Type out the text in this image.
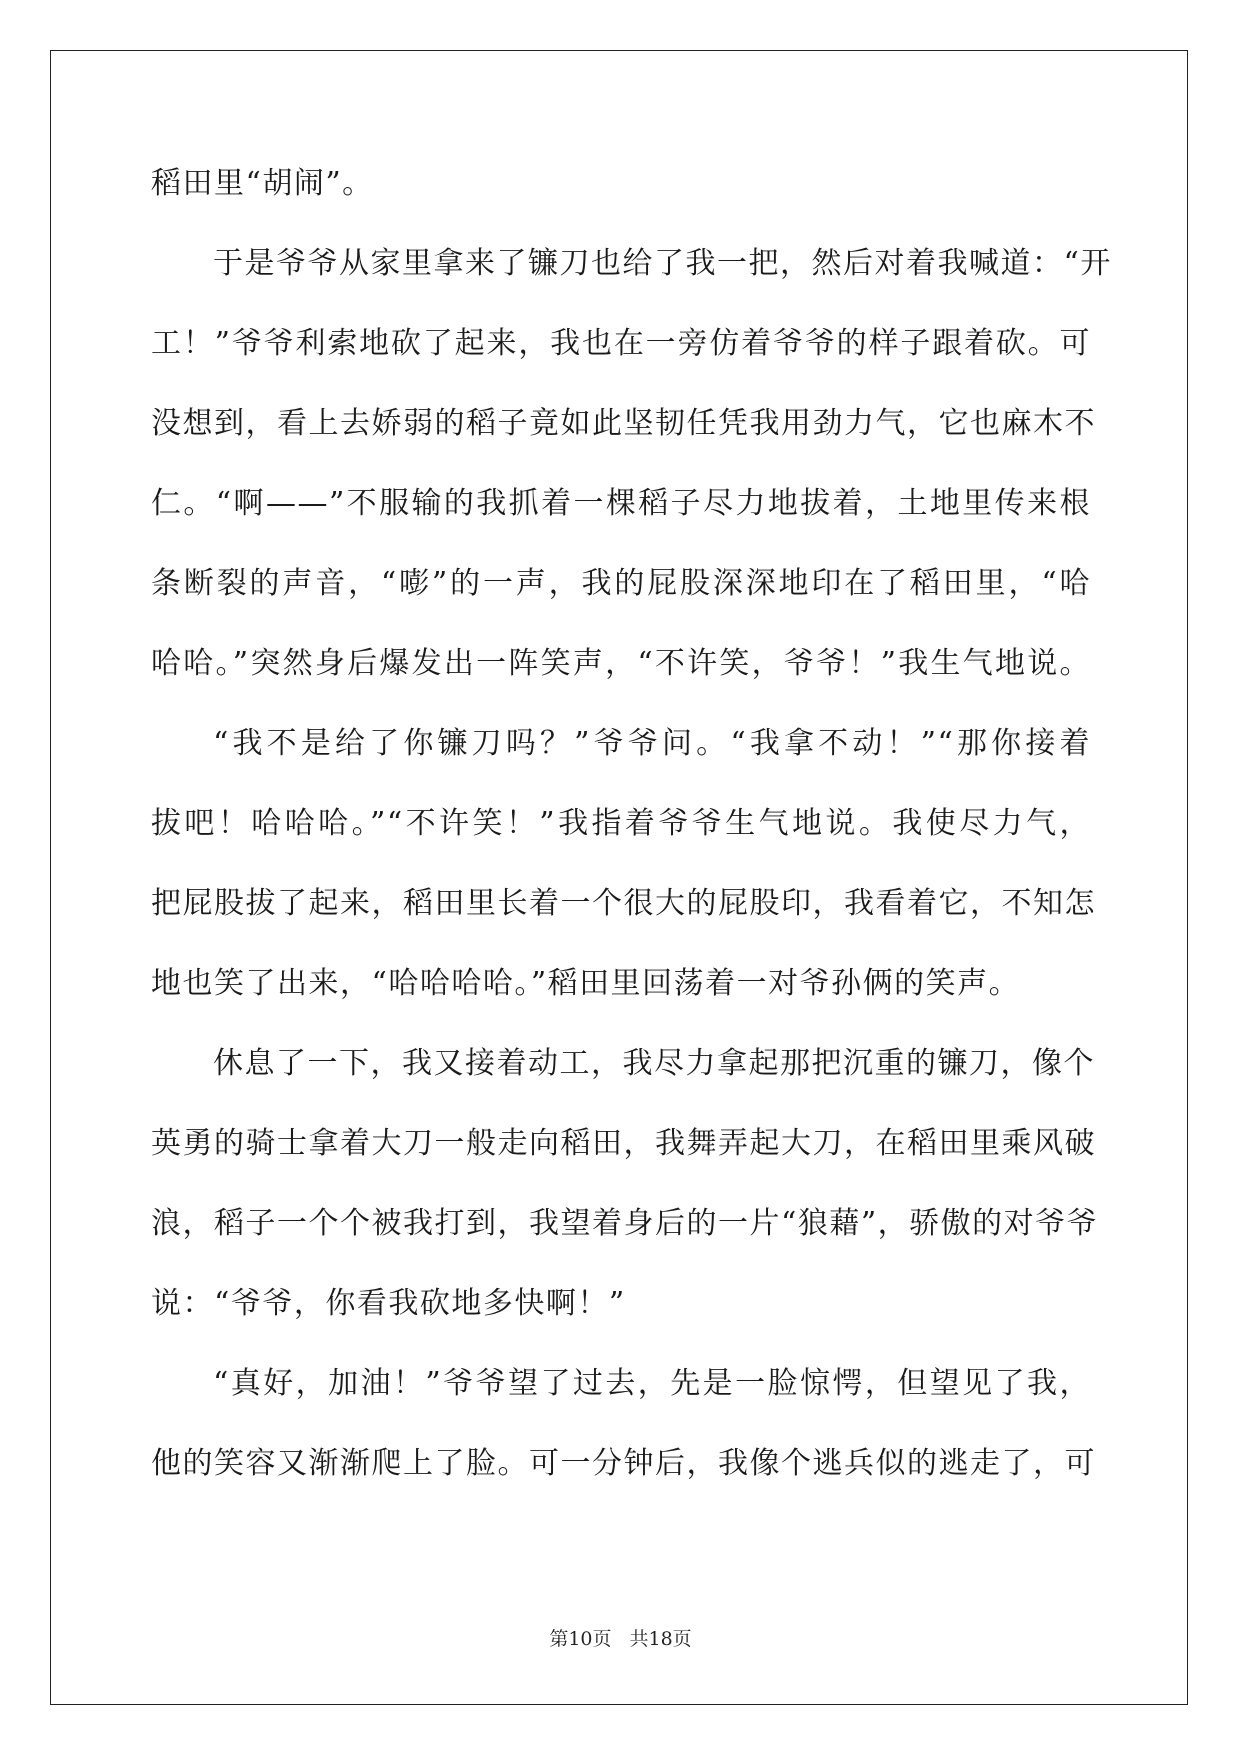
稻田里“胡闹”。
于是爷爷从家里拿来了镰刀也给了我一把，然后对着我喊道：“开
工！”爷爷利索地砍了起来，我也在一旁仿着爷爷的样子跟着砍。可
没想到，看上去娇弱的稻子竟如此坚韧任凭我用劲力气，它也麻木不
仁。“啊——”不服输的我抓着一棵稻子尽力地拔着，土地里传来根
条断裂的声音，“嘭”的一声，我的屁股深深地印在了稻田里，“哈
哈哈。”突然身后爆发出一阵笑声，“不许笑，爷爷！”我生气地说。
“我不是给了你镰刀吗？”爷爷问。“我拿不动！”“那你接着
拔吧！哈哈哈。”“不许笑！”我指着爷爷生气地说。我使尽力气，
把屁股拔了起来，稻田里长着一个很大的屁股印，我看着它，不知怎
地也笑了出来，“哈哈哈哈。”稻田里回荡着一对爷孙俩的笑声。
休息了一下，我又接着动工，我尽力拿起那把沉重的镰刀，像个
英勇的骑士拿着大刀一般走向稻田，我舞弄起大刀，在稻田里乘风破
浪，稻子一个个被我打到，我望着身后的一片“狼藉”，骄傲的对爷爷
说：“爷爷，你看我砍地多快啊！”
“真好，加油！”爷爷望了过去，先是一脸惊愕，但望见了我，
他的笑容又渐渐爬上了脸。可一分钟后，我像个逃兵似的逃走了，可
第10页 共18页
